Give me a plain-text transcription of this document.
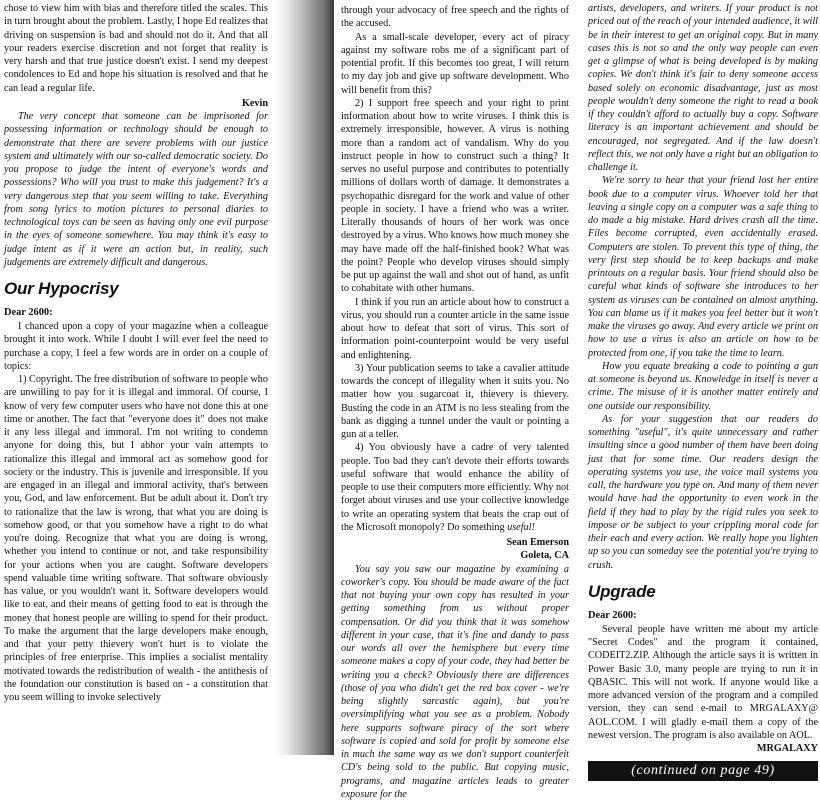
chose to view him with bias and therefore titled the scales. This in turn brought about the problem. Lastly, I hope Ed realizes that driving on suspension is bad and should not do it. And that all your readers exercise discretion and not forget that reality is very harsh and that true justice doesn't exist. I send my deepest condolences to Ed and hope his situation is resolved and that he can lead a regular life.

Kevin

The very concept that someone can be imprisoned for possessing information or technology should be enough to demonstrate that there are severe problems with our justice system and ultimately with our so-called democratic society. Do you propose to judge the intent of everyone's words and possessions? Who will you trust to make this judgement? It's a very dangerous step that you seem willing to take. Everything from song lyrics to motion pictures to personal diaries to technological toys can be seen as having only one evil purpose in the eyes of someone somewhere. You may think it's easy to judge intent as if it were an action but, in reality, such judgements are extremely difficult and dangerous.

Our Hypocrisy
Dear 2600:

I chanced upon a copy of your magazine when a colleague brought it into work. While I doubt I will ever feel the need to purchase a copy, I feel a few words are in order on a couple of topics:

1) Copyright. The free distribution of software to people who are unwilling to pay for it is illegal and immoral. Of course, I know of very few computer users who have not done this at one time or another. The fact that "everyone does it" does not make it any less illegal and immoral. I'm not writing to condemn anyone for doing this, but I abhor your vain attempts to rationalize this illegal and immoral act as somehow good for society or the industry. This is juvenile and irresponsible. If you are engaged in an illegal and immoral activity, that's between you, God, and law enforcement. But be adult about it. Don't try to rationalize that the law is wrong, that what you are doing is somehow good, or that you somehow have a right to do what you're doing. Recognize that what you are doing is wrong, whether you intend to continue or not, and take responsibility for your actions when you are caught. Software developers spend valuable time writing software. That software obviously has value, or you wouldn't want it. Software developers would like to eat, and their means of getting food to eat is through the money that honest people are willing to spend for their product. To make the argument that the large developers make enough, and that your petty thievery won't hurt is to violate the principles of free enterprise. This implies a socialist mentality motivated towards the redistribution of wealth - the antithesis of the foundation our constitution is based on - a constitution that you seem willing to invoke selectively

through your advocacy of free speech and the rights of the accused.

As a small-scale developer, every act of piracy against my software robs me of a significant part of potential profit. If this becomes too great, I will return to my day job and give up software development. Who will benefit from this?

2) I support free speech and your right to print information about how to write viruses. I think this is extremely irresponsible, however. A virus is nothing more than a random act of vandalism. Why do you instruct people in how to construct such a thing? It serves no useful purpose and contributes to potentially millions of dollars worth of damage. It demonstrates a psychopathic disregard for the work and value of other people in society. I have a friend who was a writer. Literally thousands of hours of her work was once destroyed by a virus. Who knows how much money she may have made off the half-finished book? What was the point? People who develop viruses should simply be put up against the wall and shot out of hand, as unfit to cohabitate with other humans.

I think if you run an article about how to construct a virus, you should run a counter article in the same issue about how to defeat that sort of virus. This sort of information point-counterpoint would be very useful and enlightening.

3) Your publication seems to take a cavalier attitude towards the concept of illegality when it suits you. No matter how you sugarcoat it, thievery is thievery. Busting the code in an ATM is no less stealing from the bank as digging a tunnel under the vault or pointing a gun at a teller.

4) You obviously have a cadre of very talented people. Too bad they can't devote their efforts towards useful software that would enhance the ability of people to use their computers more efficiently. Why not forget about viruses and use your collective knowledge to write an operating system that beats the crap out of the Microsoft monopoly? Do something useful!

Sean Emerson
Goleta, CA

You say you saw our magazine by examining a coworker's copy. You should be made aware of the fact that not buying your own copy has resulted in your getting something from us without proper compensation. Or did you think that it was somehow different in your case, that it's fine and dandy to pass our words all over the hemisphere but every time someone makes a copy of your code, they had better be writing you a check? Obviously there are differences (those of you who didn't get the red box cover - we're being slightly sarcastic again), but you're oversimplifying what you see as a problem. Nobody here supports software piracy of the sort where software is copied and sold for profit by someone else in much the same way as we don't support counterfeit CD's being sold to the public. But copying music, programs, and magazine articles leads to greater exposure for the

artists, developers, and writers. If your product is not priced out of the reach of your intended audience, it will be in their interest to get an original copy. But in many cases this is not so and the only way people can even get a glimpse of what is being developed is by making copies. We don't think it's fair to deny someone access based solely on economic disadvantage, just as most people wouldn't deny someone the right to read a book if they couldn't afford to actually buy a copy. Software literacy is an important achievement and should be encouraged, not segregated. And if the law doesn't reflect this, we not only have a right but an obligation to challenge it.

We're sorry to hear that your friend lost her entire book due to a computer virus. Whoever told her that leaving a single copy on a computer was a safe thing to do made a big mistake. Hard drives crash all the time. Files become corrupted, even accidentally erased. Computers are stolen. To prevent this type of thing, the very first step should be to keep backups and make printouts on a regular basis. Your friend should also be careful what kinds of software she introduces to her system as viruses can be contained on almost anything. You can blame us if it makes you feel better but it won't make the viruses go away. And every article we print on how to use a virus is also an article on how to be protected from one, if you take the time to learn.

How you equate breaking a code to pointing a gun at someone is beyond us. Knowledge in itself is never a crime. The misuse of it is another matter entirely and one outside our responsibility.

As for your suggestion that our readers do something "useful", it's quite unnecessary and rather insulting since a good number of them have been doing just that for some time. Our readers design the operating systems you use, the voice mail systems you call, the hardware you type on. And many of them never would have had the opportunity to even work in the field if they had to play by the rigid rules you seek to impose or be subject to your crippling moral code for their each and every action. We really hope you lighten up so you can someday see the potential you're trying to crush.

Upgrade
Dear 2600:

Several people have written me about my article "Secret Codes" and the program it contained, CODEIT2.ZIP. Although the article says it is written in Power Basic 3.0, many people are trying to run it in QBASIC. This will not work. If anyone would like a more advanced version of the program and a compiled version, they can send e-mail to MRGALAXY@ AOL.COM. I will gladly e-mail them a copy of the newest version. The program is also available on AOL.

MRGALAXY
(continued on page 49)
